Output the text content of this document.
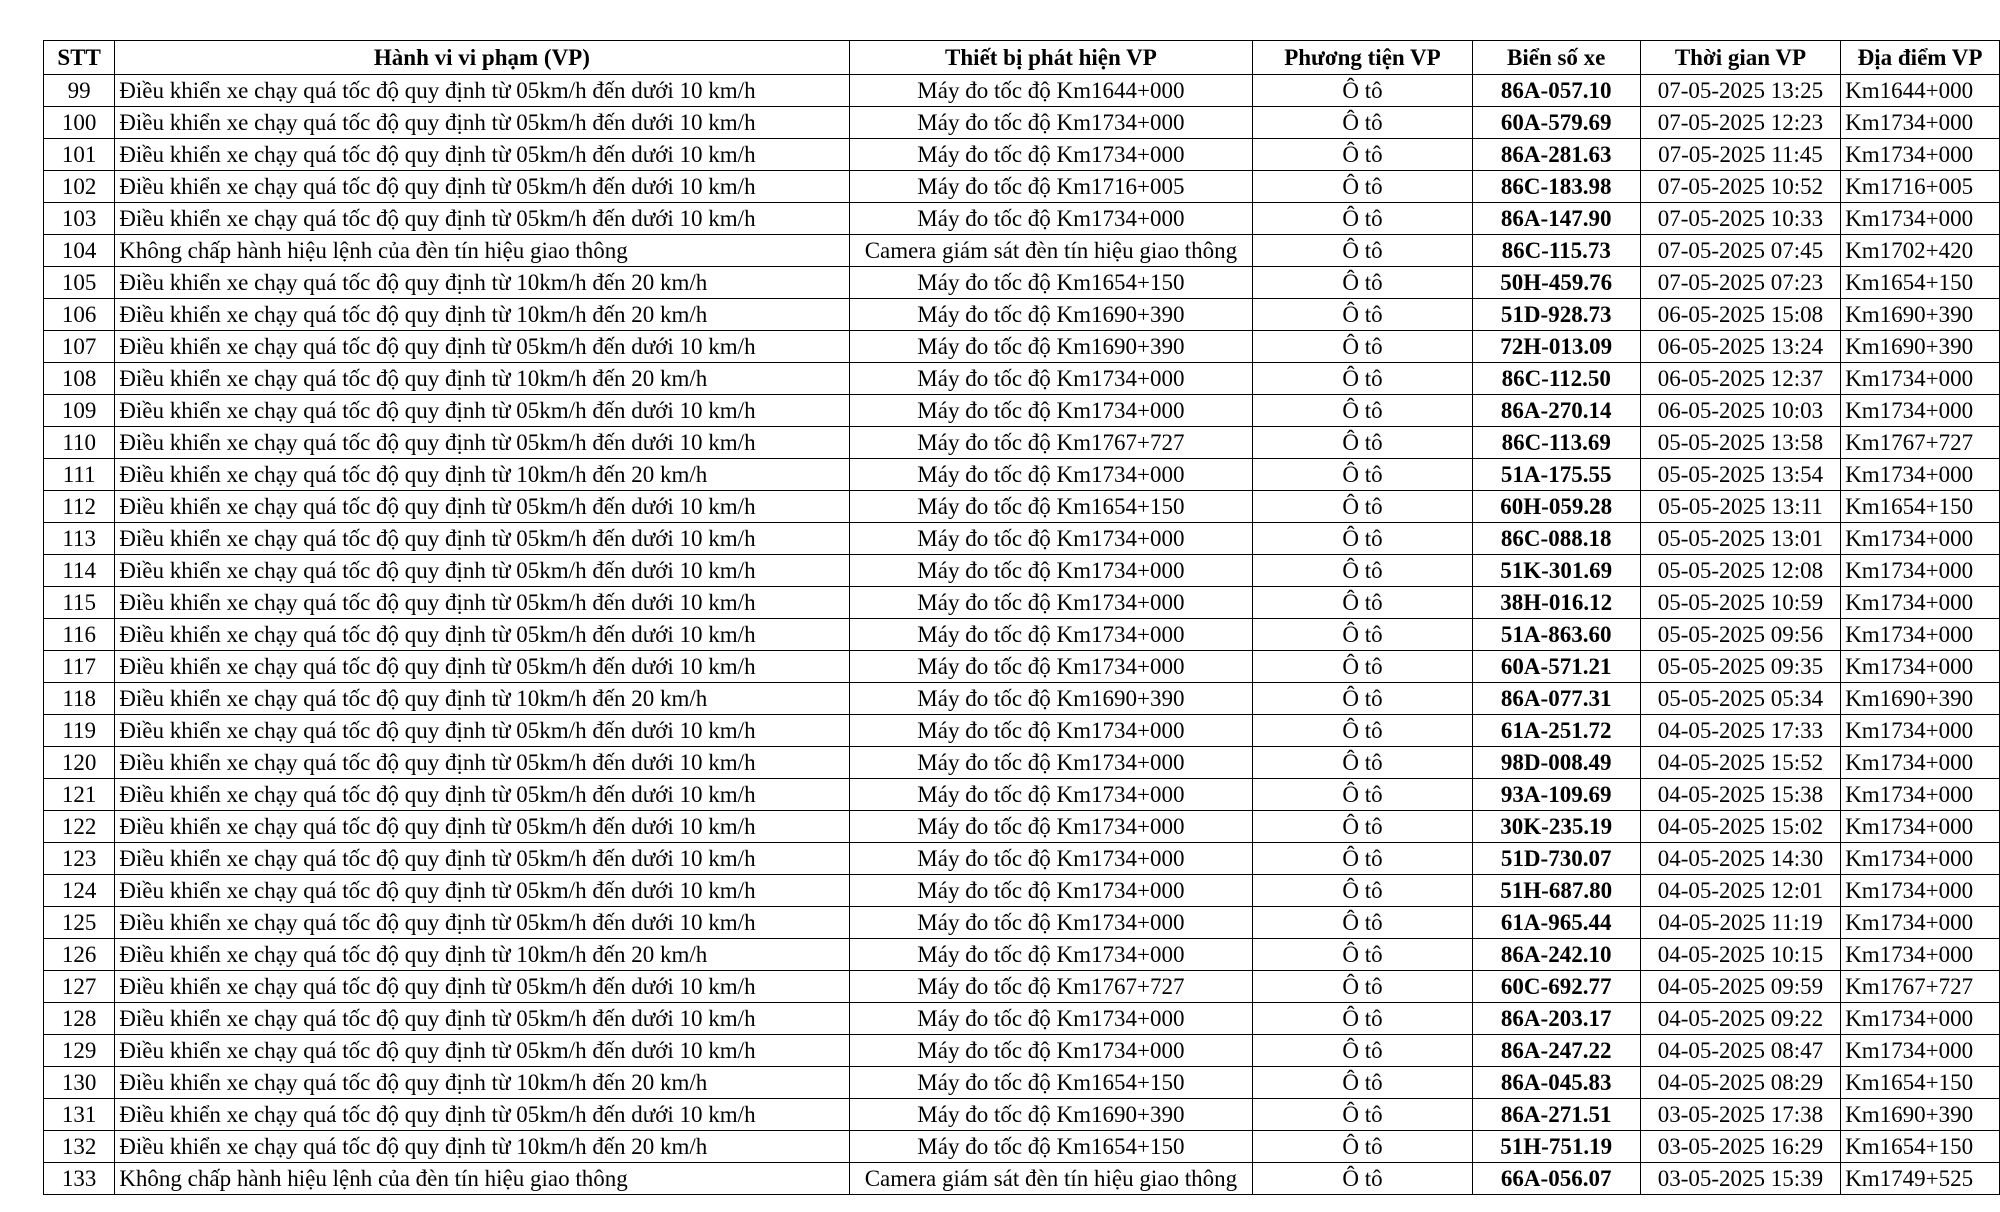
STT	Hành vi vi phạm (VP)	Thiết bị phát hiện VP	Phương tiện VP	Biển số xe	Thời gian VP	Địa điểm VP
99	Điều khiển xe chạy quá tốc độ quy định từ 05km/h đến dưới 10 km/h	Máy đo tốc độ Km1644+000	Ô tô	86A-057.10	07-05-2025 13:25	Km1644+000
100	Điều khiển xe chạy quá tốc độ quy định từ 05km/h đến dưới 10 km/h	Máy đo tốc độ Km1734+000	Ô tô	60A-579.69	07-05-2025 12:23	Km1734+000
101	Điều khiển xe chạy quá tốc độ quy định từ 05km/h đến dưới 10 km/h	Máy đo tốc độ Km1734+000	Ô tô	86A-281.63	07-05-2025 11:45	Km1734+000
102	Điều khiển xe chạy quá tốc độ quy định từ 05km/h đến dưới 10 km/h	Máy đo tốc độ Km1716+005	Ô tô	86C-183.98	07-05-2025 10:52	Km1716+005
103	Điều khiển xe chạy quá tốc độ quy định từ 05km/h đến dưới 10 km/h	Máy đo tốc độ Km1734+000	Ô tô	86A-147.90	07-05-2025 10:33	Km1734+000
104	Không chấp hành hiệu lệnh của đèn tín hiệu giao thông	Camera giám sát đèn tín hiệu giao thông	Ô tô	86C-115.73	07-05-2025 07:45	Km1702+420
105	Điều khiển xe chạy quá tốc độ quy định từ 10km/h đến 20 km/h	Máy đo tốc độ Km1654+150	Ô tô	50H-459.76	07-05-2025 07:23	Km1654+150
106	Điều khiển xe chạy quá tốc độ quy định từ 10km/h đến 20 km/h	Máy đo tốc độ Km1690+390	Ô tô	51D-928.73	06-05-2025 15:08	Km1690+390
107	Điều khiển xe chạy quá tốc độ quy định từ 05km/h đến dưới 10 km/h	Máy đo tốc độ Km1690+390	Ô tô	72H-013.09	06-05-2025 13:24	Km1690+390
108	Điều khiển xe chạy quá tốc độ quy định từ 10km/h đến 20 km/h	Máy đo tốc độ Km1734+000	Ô tô	86C-112.50	06-05-2025 12:37	Km1734+000
109	Điều khiển xe chạy quá tốc độ quy định từ 05km/h đến dưới 10 km/h	Máy đo tốc độ Km1734+000	Ô tô	86A-270.14	06-05-2025 10:03	Km1734+000
110	Điều khiển xe chạy quá tốc độ quy định từ 05km/h đến dưới 10 km/h	Máy đo tốc độ Km1767+727	Ô tô	86C-113.69	05-05-2025 13:58	Km1767+727
111	Điều khiển xe chạy quá tốc độ quy định từ 10km/h đến 20 km/h	Máy đo tốc độ Km1734+000	Ô tô	51A-175.55	05-05-2025 13:54	Km1734+000
112	Điều khiển xe chạy quá tốc độ quy định từ 05km/h đến dưới 10 km/h	Máy đo tốc độ Km1654+150	Ô tô	60H-059.28	05-05-2025 13:11	Km1654+150
113	Điều khiển xe chạy quá tốc độ quy định từ 05km/h đến dưới 10 km/h	Máy đo tốc độ Km1734+000	Ô tô	86C-088.18	05-05-2025 13:01	Km1734+000
114	Điều khiển xe chạy quá tốc độ quy định từ 05km/h đến dưới 10 km/h	Máy đo tốc độ Km1734+000	Ô tô	51K-301.69	05-05-2025 12:08	Km1734+000
115	Điều khiển xe chạy quá tốc độ quy định từ 05km/h đến dưới 10 km/h	Máy đo tốc độ Km1734+000	Ô tô	38H-016.12	05-05-2025 10:59	Km1734+000
116	Điều khiển xe chạy quá tốc độ quy định từ 05km/h đến dưới 10 km/h	Máy đo tốc độ Km1734+000	Ô tô	51A-863.60	05-05-2025 09:56	Km1734+000
117	Điều khiển xe chạy quá tốc độ quy định từ 05km/h đến dưới 10 km/h	Máy đo tốc độ Km1734+000	Ô tô	60A-571.21	05-05-2025 09:35	Km1734+000
118	Điều khiển xe chạy quá tốc độ quy định từ 10km/h đến 20 km/h	Máy đo tốc độ Km1690+390	Ô tô	86A-077.31	05-05-2025 05:34	Km1690+390
119	Điều khiển xe chạy quá tốc độ quy định từ 05km/h đến dưới 10 km/h	Máy đo tốc độ Km1734+000	Ô tô	61A-251.72	04-05-2025 17:33	Km1734+000
120	Điều khiển xe chạy quá tốc độ quy định từ 05km/h đến dưới 10 km/h	Máy đo tốc độ Km1734+000	Ô tô	98D-008.49	04-05-2025 15:52	Km1734+000
121	Điều khiển xe chạy quá tốc độ quy định từ 05km/h đến dưới 10 km/h	Máy đo tốc độ Km1734+000	Ô tô	93A-109.69	04-05-2025 15:38	Km1734+000
122	Điều khiển xe chạy quá tốc độ quy định từ 05km/h đến dưới 10 km/h	Máy đo tốc độ Km1734+000	Ô tô	30K-235.19	04-05-2025 15:02	Km1734+000
123	Điều khiển xe chạy quá tốc độ quy định từ 05km/h đến dưới 10 km/h	Máy đo tốc độ Km1734+000	Ô tô	51D-730.07	04-05-2025 14:30	Km1734+000
124	Điều khiển xe chạy quá tốc độ quy định từ 05km/h đến dưới 10 km/h	Máy đo tốc độ Km1734+000	Ô tô	51H-687.80	04-05-2025 12:01	Km1734+000
125	Điều khiển xe chạy quá tốc độ quy định từ 05km/h đến dưới 10 km/h	Máy đo tốc độ Km1734+000	Ô tô	61A-965.44	04-05-2025 11:19	Km1734+000
126	Điều khiển xe chạy quá tốc độ quy định từ 10km/h đến 20 km/h	Máy đo tốc độ Km1734+000	Ô tô	86A-242.10	04-05-2025 10:15	Km1734+000
127	Điều khiển xe chạy quá tốc độ quy định từ 05km/h đến dưới 10 km/h	Máy đo tốc độ Km1767+727	Ô tô	60C-692.77	04-05-2025 09:59	Km1767+727
128	Điều khiển xe chạy quá tốc độ quy định từ 05km/h đến dưới 10 km/h	Máy đo tốc độ Km1734+000	Ô tô	86A-203.17	04-05-2025 09:22	Km1734+000
129	Điều khiển xe chạy quá tốc độ quy định từ 05km/h đến dưới 10 km/h	Máy đo tốc độ Km1734+000	Ô tô	86A-247.22	04-05-2025 08:47	Km1734+000
130	Điều khiển xe chạy quá tốc độ quy định từ 10km/h đến 20 km/h	Máy đo tốc độ Km1654+150	Ô tô	86A-045.83	04-05-2025 08:29	Km1654+150
131	Điều khiển xe chạy quá tốc độ quy định từ 05km/h đến dưới 10 km/h	Máy đo tốc độ Km1690+390	Ô tô	86A-271.51	03-05-2025 17:38	Km1690+390
132	Điều khiển xe chạy quá tốc độ quy định từ 10km/h đến 20 km/h	Máy đo tốc độ Km1654+150	Ô tô	51H-751.19	03-05-2025 16:29	Km1654+150
133	Không chấp hành hiệu lệnh của đèn tín hiệu giao thông	Camera giám sát đèn tín hiệu giao thông	Ô tô	66A-056.07	03-05-2025 15:39	Km1749+525
